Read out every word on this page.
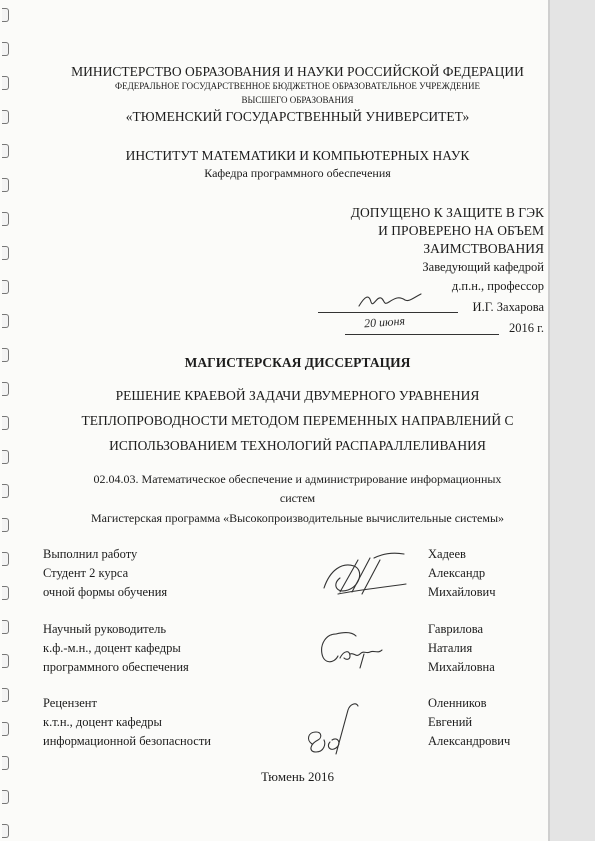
МИНИСТЕРСТВО ОБРАЗОВАНИЯ И НАУКИ РОССИЙСКОЙ ФЕДЕРАЦИИ
ФЕДЕРАЛЬНОЕ ГОСУДАРСТВЕННОЕ БЮДЖЕТНОЕ ОБРАЗОВАТЕЛЬНОЕ УЧРЕЖДЕНИЕ
ВЫСШЕГО ОБРАЗОВАНИЯ
«ТЮМЕНСКИЙ ГОСУДАРСТВЕННЫЙ УНИВЕРСИТЕТ»
ИНСТИТУТ МАТЕМАТИКИ И КОМПЬЮТЕРНЫХ НАУК
Кафедра программного обеспечения
ДОПУЩЕНО К ЗАЩИТЕ В ГЭК
И ПРОВЕРЕНО НА ОБЪЕМ
ЗАИМСТВОВАНИЯ
Заведующий кафедрой
д.п.н., профессор
И.Г. Захарова
20 июня	2016 г.
МАГИСТЕРСКАЯ ДИССЕРТАЦИЯ
РЕШЕНИЕ КРАЕВОЙ ЗАДАЧИ ДВУМЕРНОГО УРАВНЕНИЯ
ТЕПЛОПРОВОДНОСТИ МЕТОДОМ ПЕРЕМЕННЫХ НАПРАВЛЕНИЙ С
ИСПОЛЬЗОВАНИЕМ ТЕХНОЛОГИЙ РАСПАРАЛЛЕЛИВАНИЯ
02.04.03. Математическое обеспечение и администрирование информационных
систем
Магистерская программа «Высокопроизводительные вычислительные системы»
Выполнил работу
Студент 2 курса
очной формы обучения
Хадеев
Александр
Михайлович
Научный руководитель
к.ф.-м.н., доцент кафедры
программного обеспечения
Гаврилова
Наталия
Михайловна
Рецензент
к.т.н., доцент кафедры
информационной безопасности
Оленников
Евгений
Александрович
Тюмень 2016
